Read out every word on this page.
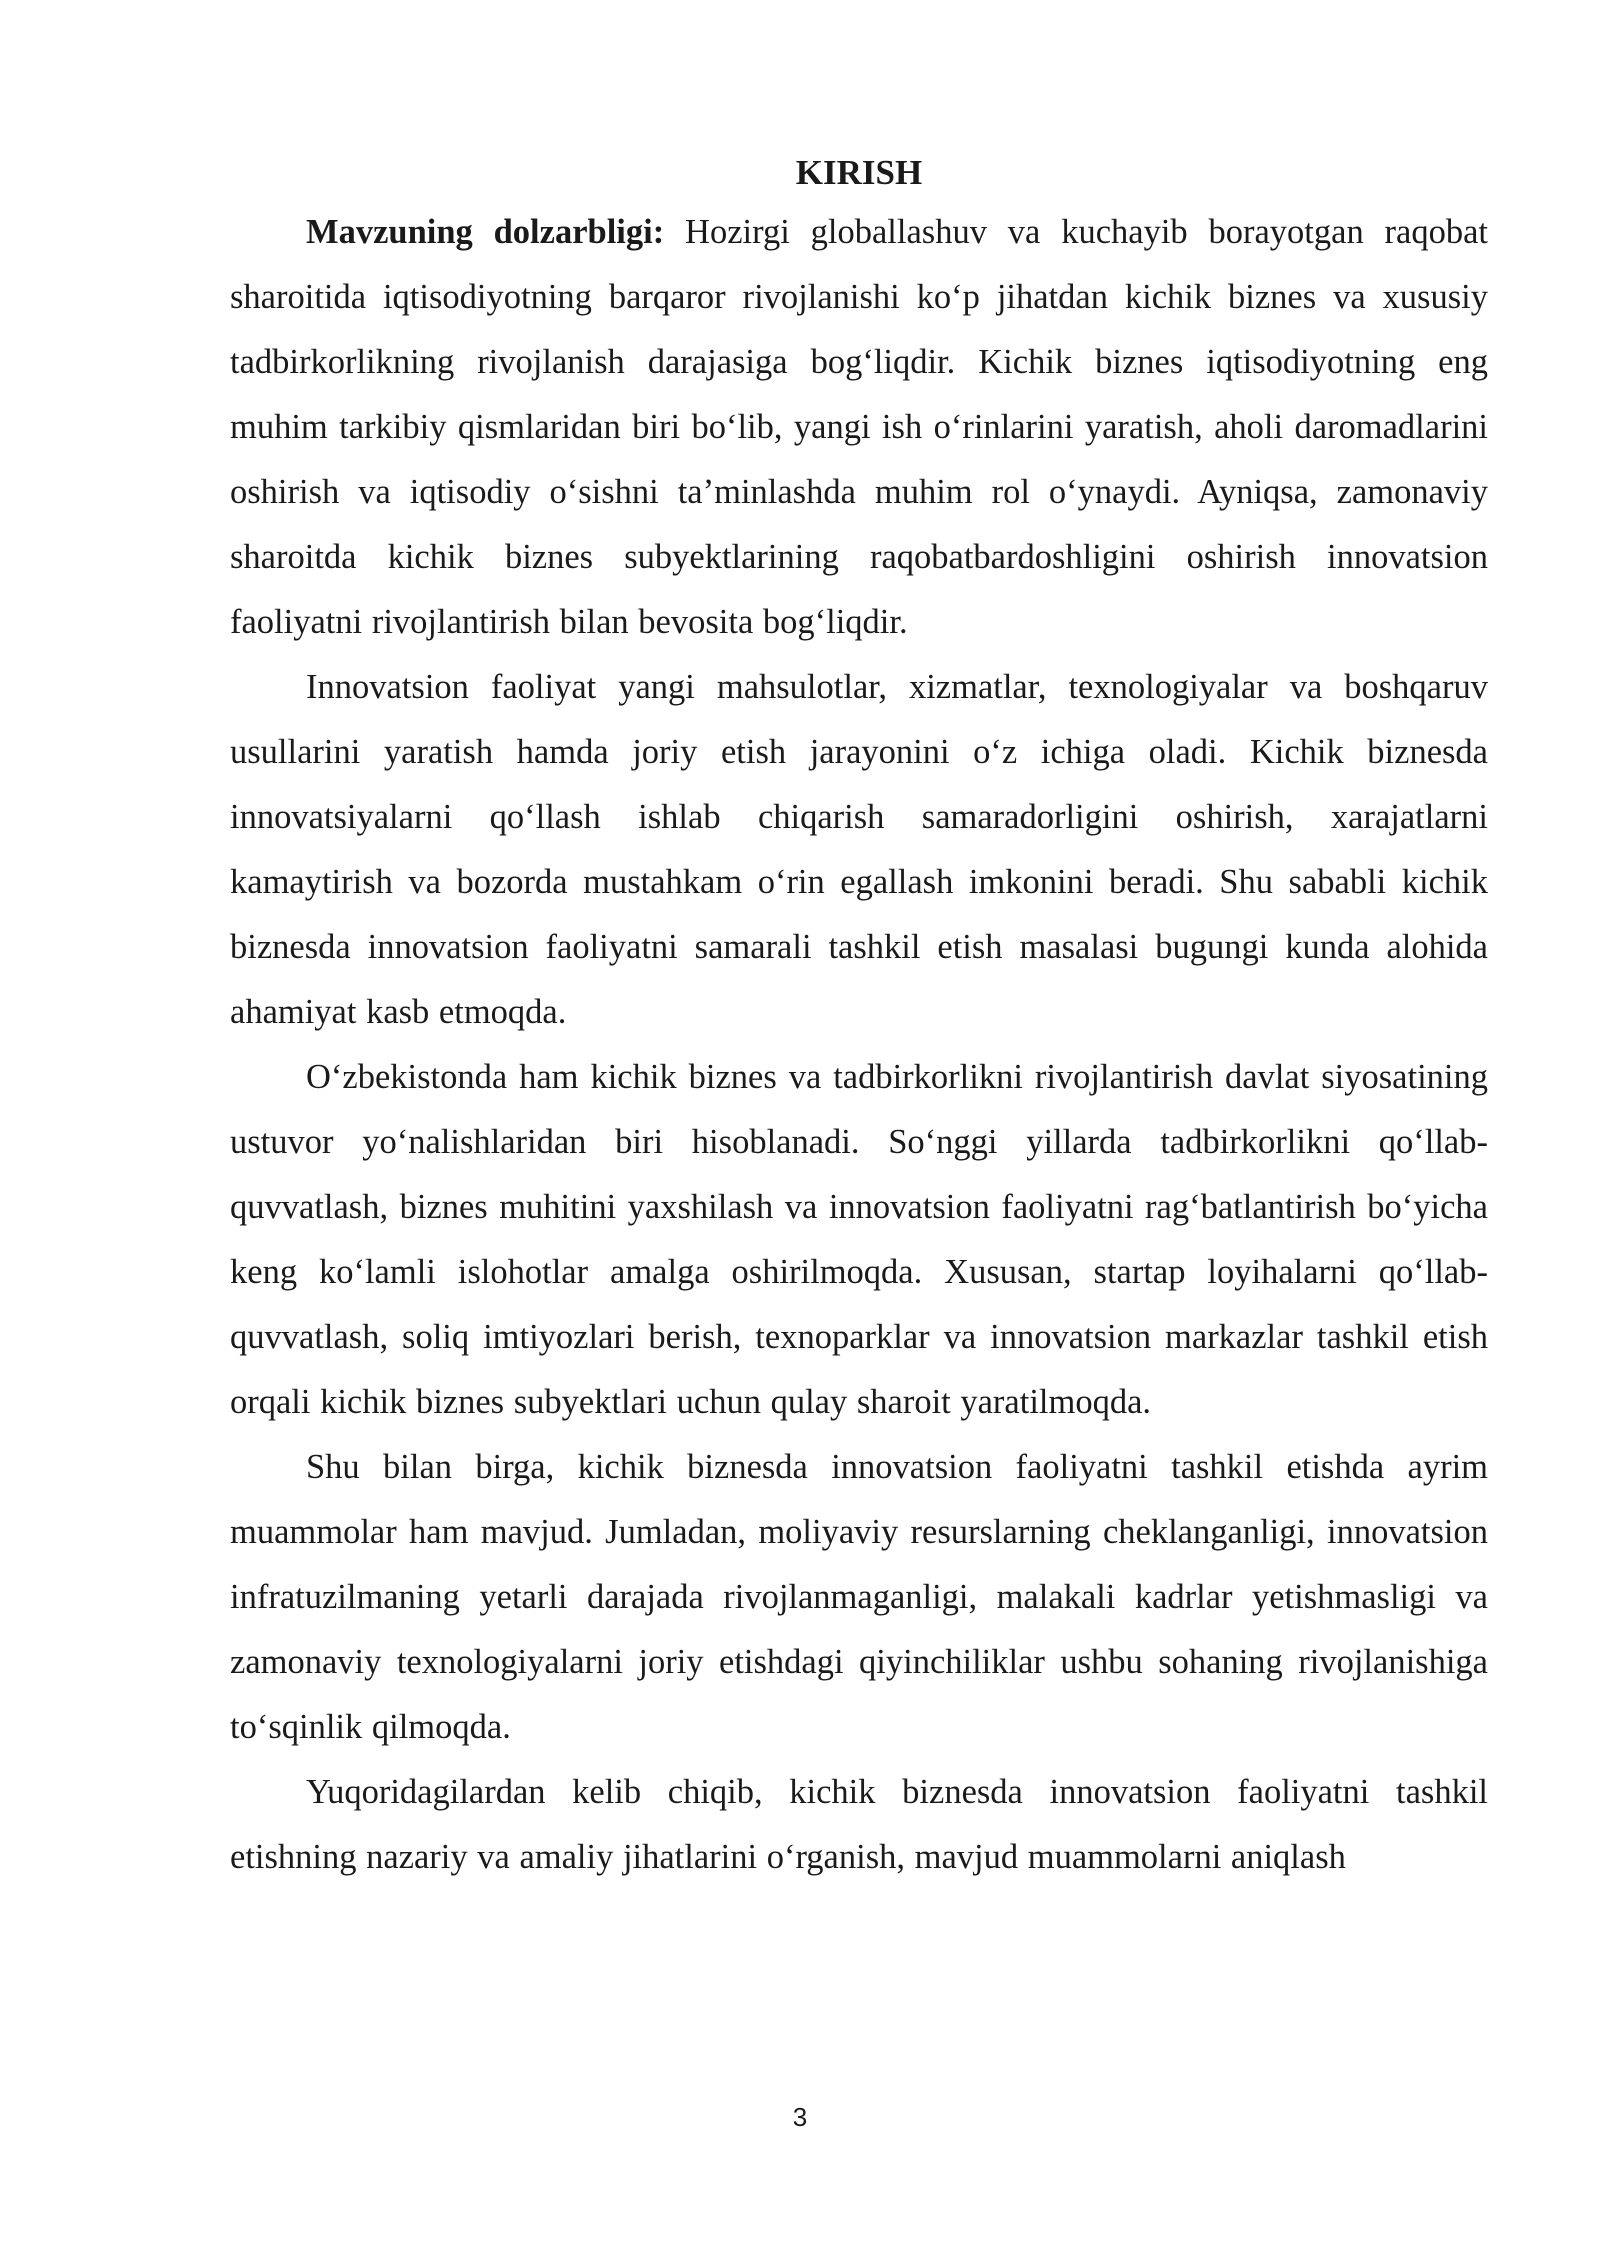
KIRISH

Mavzuning dolzarbligi: Hozirgi globallashuv va kuchayib borayotgan raqobat sharoitida iqtisodiyotning barqaror rivojlanishi koʻp jihatdan kichik biznes va xususiy tadbirkorlikning rivojlanish darajasiga bogʻliqdir. Kichik biznes iqtisodiyotning eng muhim tarkibiy qismlaridan biri boʻlib, yangi ish oʻrinlarini yaratish, aholi daromadlarini oshirish va iqtisodiy oʻsishni taʼminlashda muhim rol oʻynaydi. Ayniqsa, zamonaviy sharoitda kichik biznes subyektlarining raqobatbardoshligini oshirish innovatsion faoliyatni rivojlantirish bilan bevosita bogʻliqdir.

Innovatsion faoliyat yangi mahsulotlar, xizmatlar, texnologiyalar va boshqaruv usullarini yaratish hamda joriy etish jarayonini oʻz ichiga oladi. Kichik biznesda innovatsiyalarni qoʻllash ishlab chiqarish samaradorligini oshirish, xarajatlarni kamaytirish va bozorda mustahkam oʻrin egallash imkonini beradi. Shu sababli kichik biznesda innovatsion faoliyatni samarali tashkil etish masalasi bugungi kunda alohida ahamiyat kasb etmoqda.

Oʻzbekistonda ham kichik biznes va tadbirkorlikni rivojlantirish davlat siyosatining ustuvor yoʻnalishlaridan biri hisoblanadi. Soʻnggi yillarda tadbirkorlikni qoʻllab-quvvatlash, biznes muhitini yaxshilash va innovatsion faoliyatni ragʻbatlantirish boʻyicha keng koʻlamli islohotlar amalga oshirilmoqda. Xususan, startap loyihalarni qoʻllab-quvvatlash, soliq imtiyozlari berish, texnoparklar va innovatsion markazlar tashkil etish orqali kichik biznes subyektlari uchun qulay sharoit yaratilmoqda.

Shu bilan birga, kichik biznesda innovatsion faoliyatni tashkil etishda ayrim muammolar ham mavjud. Jumladan, moliyaviy resurslarning cheklanganligi, innovatsion infratuzilmaning yetarli darajada rivojlanmaganligi, malakali kadrlar yetishmasligi va zamonaviy texnologiyalarni joriy etishdagi qiyinchiliklar ushbu sohaning rivojlanishiga toʻsqinlik qilmoqda.

Yuqoridagilardan kelib chiqib, kichik biznesda innovatsion faoliyatni tashkil etishning nazariy va amaliy jihatlarini oʻrganish, mavjud muammolarni aniqlash

3
